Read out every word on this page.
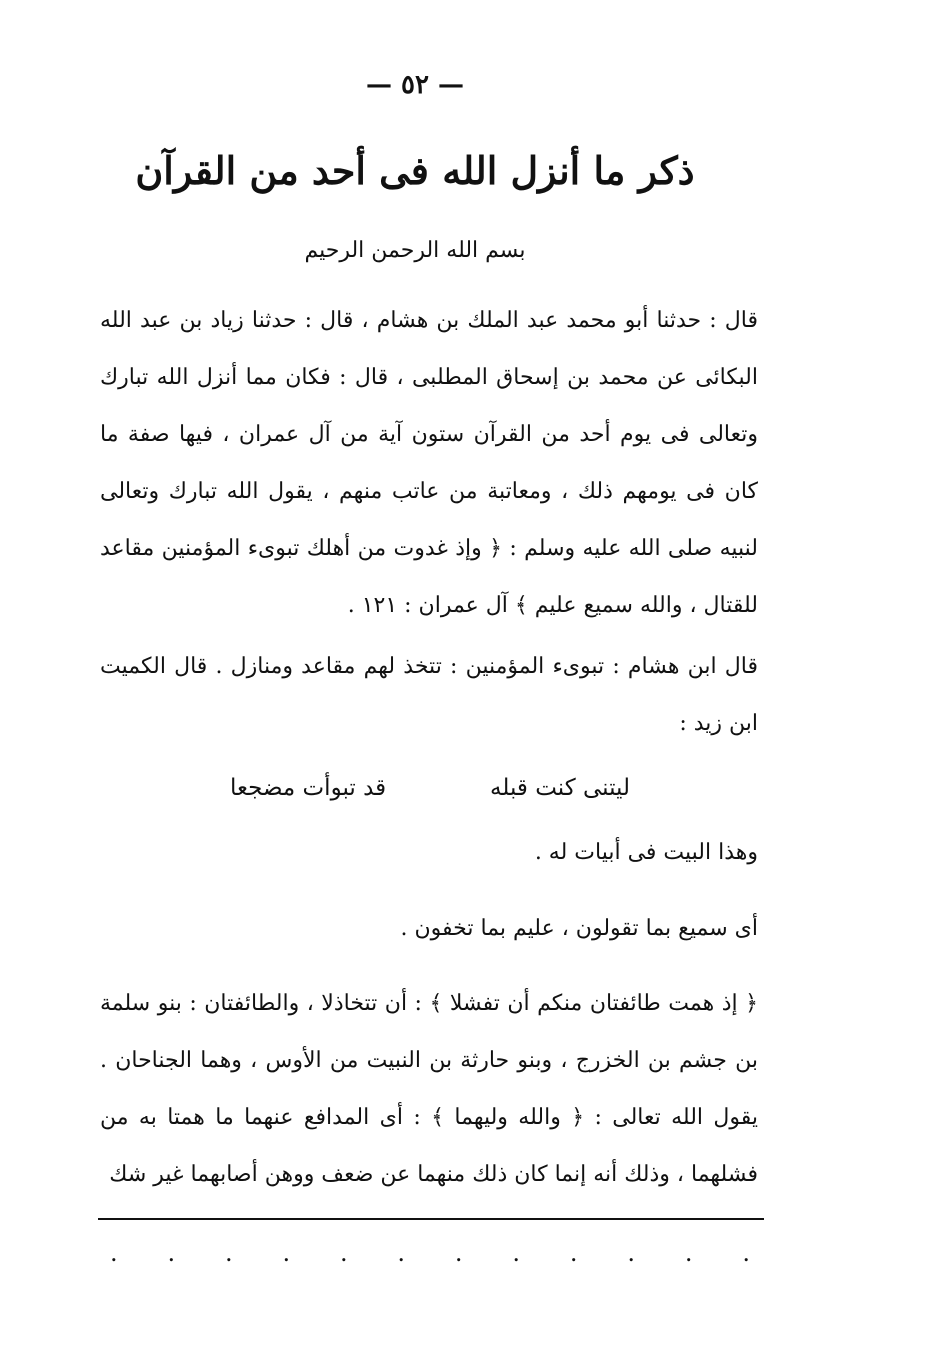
— ٥٢ —
ذكر ما أنزل الله فى أحد من القرآن
بسم الله الرحمن الرحيم
قال : حدثنا أبو محمد عبد الملك بن هشام ، قال : حدثنا زياد بن عبد الله البكائى عن محمد بن إسحاق المطلبى ، قال : فكان مما أنزل الله تبارك وتعالى فى يوم أحد من القرآن ستون آية من آل عمران ، فيها صفة ما كان فى يومهم ذلك ، ومعاتبة من عاتب منهم ، يقول الله تبارك وتعالى لنبيه صلى الله عليه وسلم : ﴿ وإذ غدوت من أهلك تبوىء المؤمنين مقاعد للقتال ، والله سميع عليم ﴾ آل عمران : ١٢١ .
قال ابن هشام : تبوىء المؤمنين : تتخذ لهم مقاعد ومنازل . قال الكميت ابن زيد :
ليتنى كنت قبله
قد تبوأت مضجعا
وهذا البيت فى أبيات له .
أى سميع بما تقولون ، عليم بما تخفون .
﴿ إذ همت طائفتان منكم أن تفشلا ﴾ : أن تتخاذلا ، والطائفتان : بنو سلمة بن جشم بن الخزرج ، وبنو حارثة بن النبيت من الأوس ، وهما الجناحان . يقول الله تعالى : ﴿ والله وليهما ﴾ : أى المدافع عنهما ما همتا به من فشلهما ، وذلك أنه إنما كان ذلك منهما عن ضعف ووهن أصابهما غير شك
. . . . . . . . . . . .
